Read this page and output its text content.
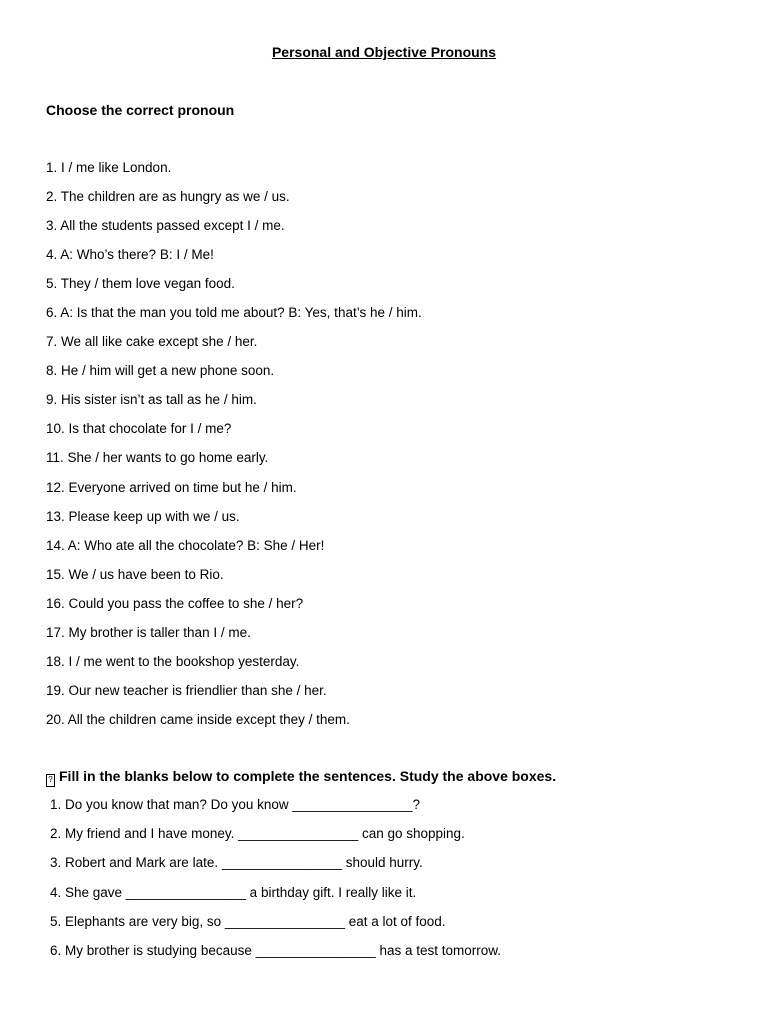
Personal and Objective Pronouns
Choose the correct pronoun
1. I / me like London.
2. The children are as hungry as we / us.
3. All the students passed except I / me.
4. A: Who’s there? B: I / Me!
5. They / them love vegan food.
6. A: Is that the man you told me about? B: Yes, that’s he / him.
7. We all like cake except she / her.
8. He / him will get a new phone soon.
9. His sister isn’t as tall as he / him.
10. Is that chocolate for I / me?
11. She / her wants to go home early.
12. Everyone arrived on time but he / him.
13. Please keep up with we / us.
14. A: Who ate all the chocolate? B: She / Her!
15. We / us have been to Rio.
16. Could you pass the coffee to she / her?
17. My brother is taller than I / me.
18. I / me went to the bookshop yesterday.
19. Our new teacher is friendlier than she / her.
20. All the children came inside except they / them.
? Fill in the blanks below to complete the sentences. Study the above boxes.
1. Do you know that man? Do you know ________________?
2. My friend and I have money. ________________ can go shopping.
3. Robert and Mark are late. ________________ should hurry.
4. She gave ________________ a birthday gift. I really like it.
5. Elephants are very big, so ________________ eat a lot of food.
6. My brother is studying because ________________ has a test tomorrow.
